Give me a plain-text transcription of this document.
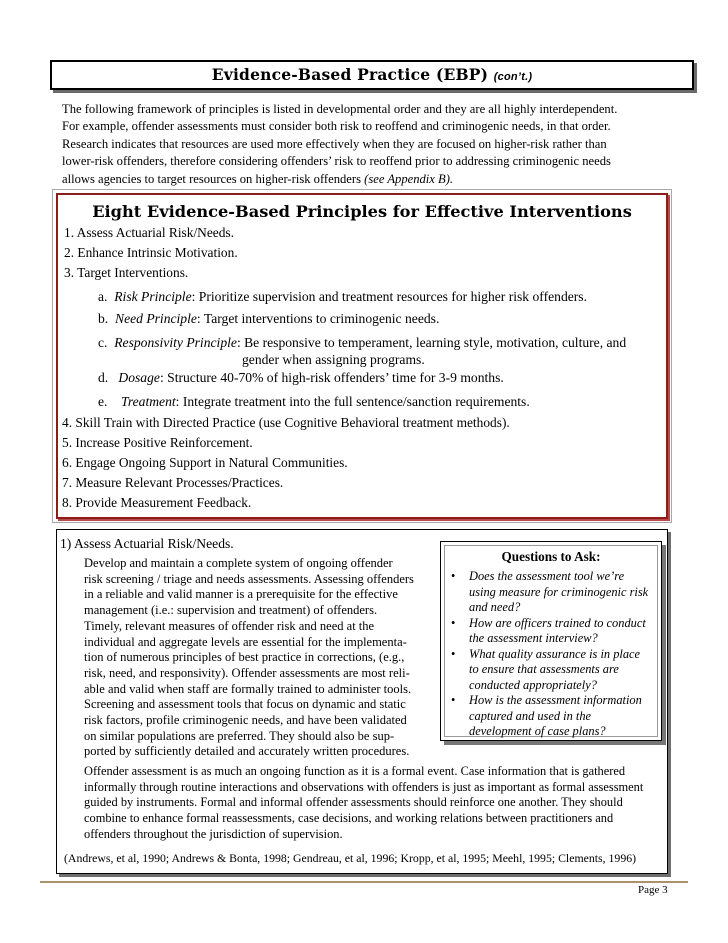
Evidence-Based Practice (EBP) (con’t.)

The following framework of principles is listed in developmental order and they are all highly interdependent.

For example, offender assessments must consider both risk to reoffend and criminogenic needs, in that order.

Research indicates that resources are used more effectively when they are focused on higher-risk rather than

lower-risk offenders, therefore considering offenders’ risk to reoffend prior to addressing criminogenic needs

allows agencies to target resources on higher-risk offenders (see Appendix B).

Eight Evidence-Based Principles for Effective Interventions
1. Assess Actuarial Risk/Needs.
2. Enhance Intrinsic Motivation.
3. Target Interventions.
a. Risk Principle: Prioritize supervision and treatment resources for higher risk offenders.
b. Need Principle: Target interventions to criminogenic needs.
c. Responsivity Principle: Be responsive to temperament, learning style, motivation, culture, and
gender when assigning programs.
d. Dosage: Structure 40-70% of high-risk offenders’ time for 3-9 months.
e. Treatment: Integrate treatment into the full sentence/sanction requirements.
4. Skill Train with Directed Practice (use Cognitive Behavioral treatment methods).
5. Increase Positive Reinforcement.
6. Engage Ongoing Support in Natural Communities.
7. Measure Relevant Processes/Practices.
8. Provide Measurement Feedback.
1) Assess Actuarial Risk/Needs.
Develop and maintain a complete system of ongoing offender
risk screening / triage and needs assessments. Assessing offenders
in a reliable and valid manner is a prerequisite for the effective
management (i.e.: supervision and treatment) of offenders.
Timely, relevant measures of offender risk and need at the
individual and aggregate levels are essential for the implementa-
tion of numerous principles of best practice in corrections, (e.g.,
risk, need, and responsivity). Offender assessments are most reli-
able and valid when staff are formally trained to administer tools.
Screening and assessment tools that focus on dynamic and static
risk factors, profile criminogenic needs, and have been validated
on similar populations are preferred. They should also be sup-
ported by sufficiently detailed and accurately written procedures.
Questions to Ask:
• Does the assessment tool we’re
using measure for criminogenic risk
and need?
• How are officers trained to conduct
the assessment interview?
• What quality assurance is in place
to ensure that assessments are
conducted appropriately?
• How is the assessment information
captured and used in the
development of case plans?
Offender assessment is as much an ongoing function as it is a formal event. Case information that is gathered
informally through routine interactions and observations with offenders is just as important as formal assessment
guided by instruments. Formal and informal offender assessments should reinforce one another. They should
combine to enhance formal reassessments, case decisions, and working relations between practitioners and
offenders throughout the jurisdiction of supervision.
(Andrews, et al, 1990; Andrews & Bonta, 1998; Gendreau, et al, 1996; Kropp, et al, 1995; Meehl, 1995; Clements, 1996)
Page 3
